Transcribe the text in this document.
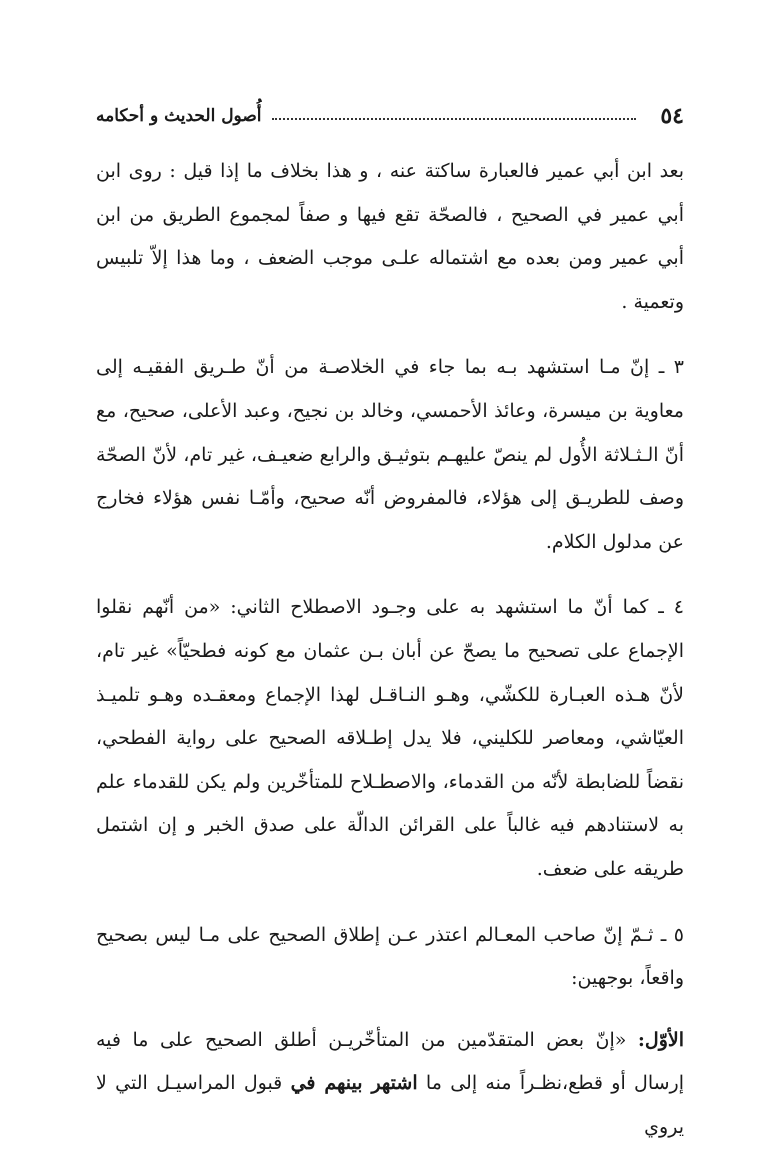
٥٤
أُصول الحديث و أحكامه

بعد ابن أبي عمير فالعبارة ساكتة عنه ، و هذا بخلاف ما إذا قيل : روى ابن أبي عمير في الصحيح ، فالصحّة تقع فيها و صفاً لمجموع الطريق من ابن أبي عمير ومن بعده مع اشتماله علـى موجب الضعف ، وما هذا إلاّ تلبيس وتعمية .

٣ ـ إنّ مـا استشهد بـه بما جاء في الخلاصـة من أنّ طـريق الفقيـه إلى معاوية بن ميسرة، وعائذ الأحمسي، وخالد بن نجيح، وعبد الأعلى، صحيح، مع أنّ الـثـلاثة الأُول لم ينصّ عليهـم بتوثيـق والرابع ضعيـف، غير تام، لأنّ الصحّة وصف للطريـق إلى هؤلاء، فالمفروض أنّه صحيح، وأمّـا نفس هؤلاء فخارج عن مدلول الكلام.

٤ ـ كما أنّ ما استشهد به على وجـود الاصطلاح الثاني: «من أنّهم نقلوا الإجماع على تصحيح ما يصحّ عن أبان بـن عثمان مع كونه فطحيّاً» غير تام، لأنّ هـذه العبـارة للكشّي، وهـو النـاقـل لهذا الإجماع ومعقـده وهـو تلميـذ العيّاشي، ومعاصر للكليني، فلا يدل إطـلاقه الصحيح على رواية الفطحي، نقضاً للضابطة لأنّه من القدماء، والاصطـلاح للمتأخّرين ولم يكن للقدماء علم به لاستنادهم فيه غالباً على القرائن الدالّة على صدق الخبر و إن اشتمل طريقه على ضعف.

٥ ـ ثـمّ إنّ صاحب المعـالم اعتذر عـن إطلاق الصحيح على مـا ليس بصحيح واقعاً، بوجهين:

الأوّل: «إنّ بعض المتقدّمين من المتأخّريـن أطلق الصحيح على ما فيه إرسال أو قطع،نظـراً منه إلى ما اشتهر بينهم في قبول المراسيـل التي لا يروي
